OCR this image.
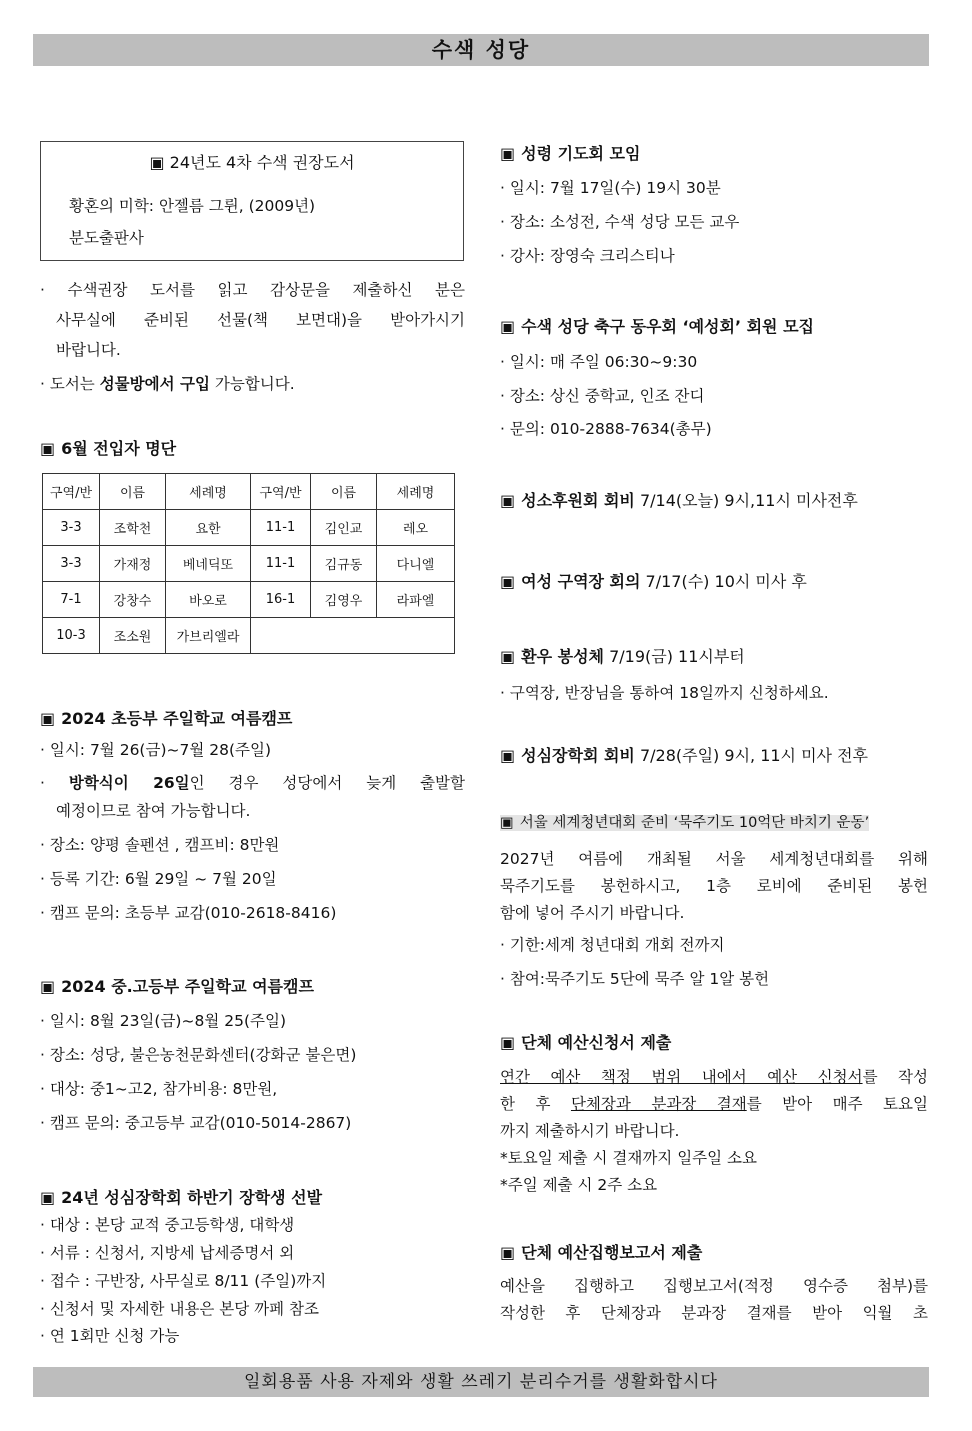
수색 성당
▣ 24년도 4차 수색 권장도서
황혼의 미학: 안젤름 그륀, (2009년)
분도출판사
· 수색권장 도서를 읽고 감상문을 제출하신 분은
사무실에 준비된 선물(책 보면대)을 받아가시기
바랍니다.
· 도서는 성물방에서 구입 가능합니다.
▣ 6월 전입자 명단
구역/반	이름	세례명	구역/반	이름	세례명
3-3	조학천	요한	11-1	김인교	레오
3-3	가재정	베네딕또	11-1	김규동	다니엘
7-1	강창수	바오로	16-1	김영우	라파엘
10-3	조소원	가브리엘라			
▣ 2024 초등부 주일학교 여름캠프
· 일시: 7월 26(금)~7월 28(주일)
· 방학식이 26일인 경우 성당에서 늦게 출발할
예정이므로 참여 가능합니다.
· 장소: 양평 솔펜션 , 캠프비: 8만원
· 등록 기간: 6월 29일 ~ 7월 20일
· 캠프 문의: 초등부 교감(010-2618-8416)
▣ 2024 중.고등부 주일학교 여름캠프
· 일시: 8월 23일(금)~8월 25(주일)
· 장소: 성당, 불은농천문화센터(강화군 불은면)
· 대상: 중1~고2, 참가비용: 8만원,
· 캠프 문의: 중고등부 교감(010-5014-2867)
▣ 24년 성심장학회 하반기 장학생 선발
· 대상 : 본당 교적 중고등학생, 대학생
· 서류 : 신청서, 지방세 납세증명서 외
· 접수 : 구반장, 사무실로 8/11 (주일)까지
· 신청서 및 자세한 내용은 본당 까페 참조
· 연 1회만 신청 가능
▣ 성령 기도회 모임
· 일시: 7월 17일(수) 19시 30분
· 장소: 소성전, 수색 성당 모든 교우
· 강사: 장영숙 크리스티나
▣ 수색 성당 축구 동우회 ‘예성회’ 회원 모집
· 일시: 매 주일 06:30~9:30
· 장소: 상신 중학교, 인조 잔디
· 문의: 010-2888-7634(총무)
▣ 성소후원회 회비 7/14(오늘) 9시,11시 미사전후
▣ 여성 구역장 회의 7/17(수) 10시 미사 후
▣ 환우 봉성체 7/19(금) 11시부터
· 구역장, 반장님을 통하여 18일까지 신청하세요.
▣ 성심장학회 회비 7/28(주일) 9시, 11시 미사 전후
▣ 서울 세계청년대회 준비 ‘묵주기도 10억단 바치기 운동’
2027년 여름에 개최될 서울 세계청년대회를 위해
묵주기도를 봉헌하시고, 1층 로비에 준비된 봉헌
함에 넣어 주시기 바랍니다.
· 기한:세계 청년대회 개회 전까지
· 참여:묵주기도 5단에 묵주 알 1알 봉헌
▣ 단체 예산신청서 제출
연간 예산 책정 범위 내에서 예산 신청서를 작성
한 후 단체장과 분과장 결재를 받아 매주 토요일
까지 제출하시기 바랍니다.
*토요일 제출 시 결재까지 일주일 소요
*주일 제출 시 2주 소요
▣ 단체 예산집행보고서 제출
예산을 집행하고 집행보고서(적정 영수증 첨부)를
작성한 후 단체장과 분과장 결재를 받아 익월 초
일회용품 사용 자제와 생활 쓰레기 분리수거를 생활화합시다
